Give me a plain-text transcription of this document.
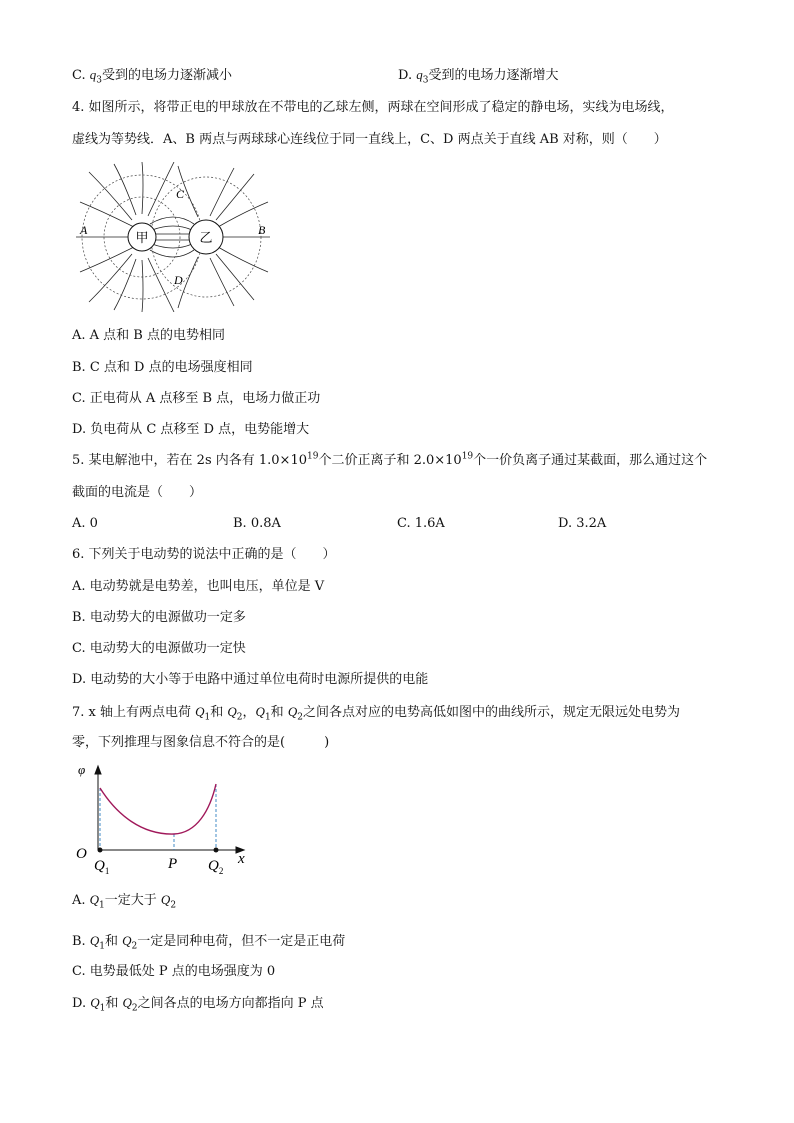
C. $q_3$受到的电场力逐渐减小	D. $q_3$受到的电场力逐渐增大
4. 如图所示，将带正电的甲球放在不带电的乙球左侧，两球在空间形成了稳定的静电场，实线为电场线，
虚线为等势线．A、B 两点与两球球心连线位于同一直线上，C、D 两点关于直线 AB 对称，则（　　）
甲	乙
A	B
C
D
A. A 点和 B 点的电势相同
B. C 点和 D 点的电场强度相同
C. 正电荷从 A 点移至 B 点，电场力做正功
D. 负电荷从 C 点移至 D 点，电势能增大
5. 某电解池中，若在 2s 内各有 $1.0\times 10^{19}$个二价正离子和 $2.0\times 10^{19}$个一价负离子通过某截面，那么通过这个
截面的电流是（　　）
A. 0	B. 0.8A	C. 1.6A	D. 3.2A
6. 下列关于电动势的说法中正确的是（　　）
A. 电动势就是电势差，也叫电压，单位是 V
B. 电动势大的电源做功一定多
C. 电动势大的电源做功一定快
D. 电动势的大小等于电路中通过单位电荷时电源所提供的电能
7. x 轴上有两点电荷 $Q_1$和 $Q_2$，$Q_1$和 $Q_2$之间各点对应的电势高低如图中的曲线所示，规定无限远处电势为
零，下列推理与图象信息不符合的是(　　　)
φ
O
$Q_1$	P $Q_2$
x
A. $Q_1$一定大于 $Q_2$
B. $Q_1$和 $Q_2$一定是同种电荷，但不一定是正电荷
C. 电势最低处 P 点的电场强度为 0
D. $Q_1$和 $Q_2$之间各点的电场方向都指向 P 点
